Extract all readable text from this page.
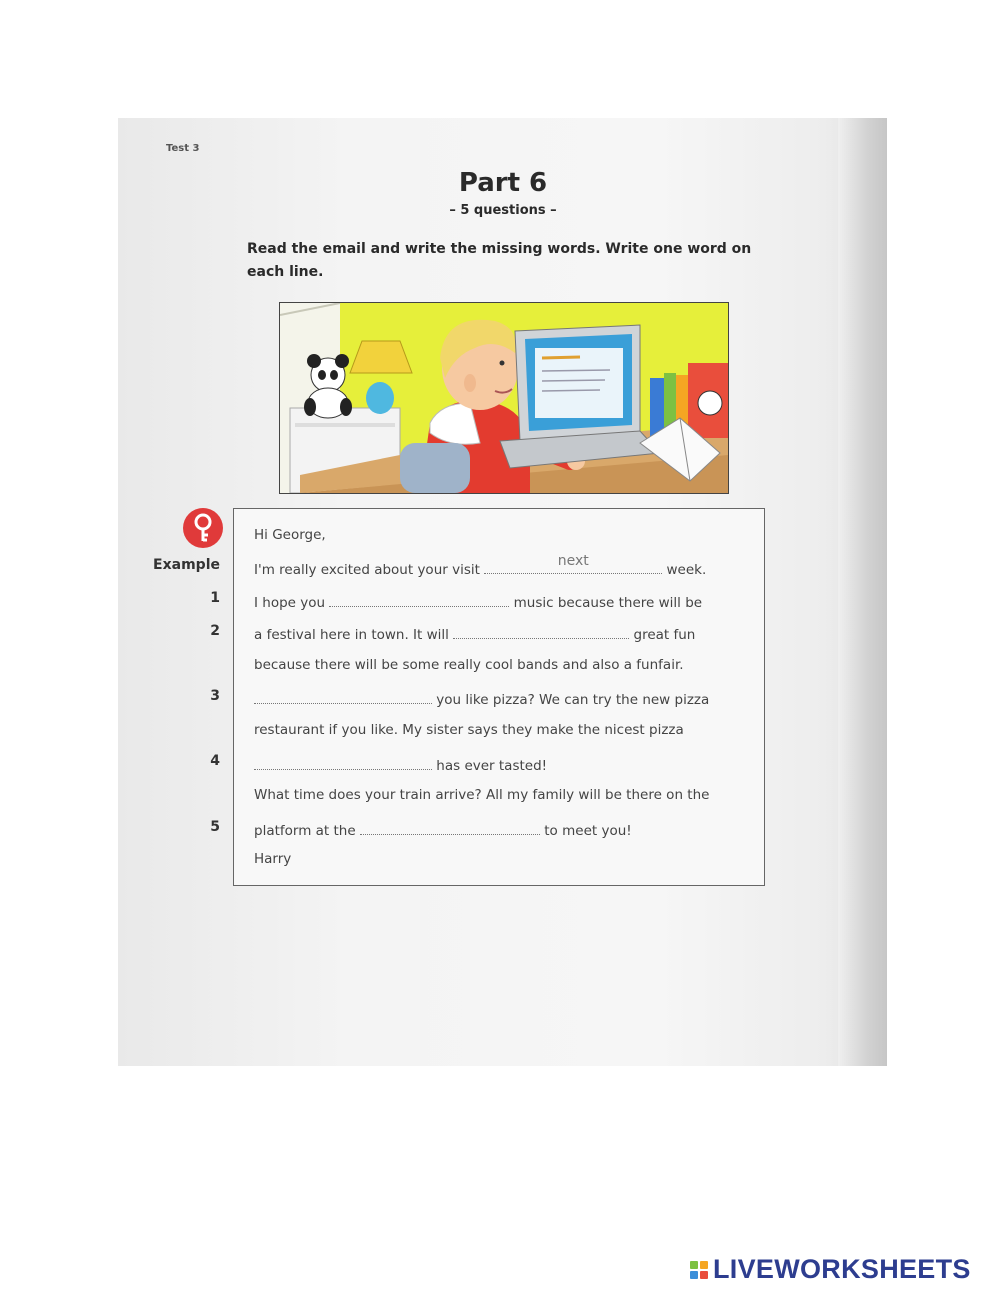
Test 3
Part 6
– 5 questions –
Read the email and write the missing words. Write one word on each line.
Example
1
2
3
4
5
Hi George,
I'm really excited about your visit
next
week.
I hope you	music because there will be
a festival here in town. It will	great fun
because there will be some really cool bands and also a funfair.
you like pizza? We can try the new pizza
restaurant if you like. My sister says they make the nicest pizza
has ever tasted!
What time does your train arrive? All my family will be there on the
platform at the	to meet you!
Harry
LIVEWORKSHEETS
